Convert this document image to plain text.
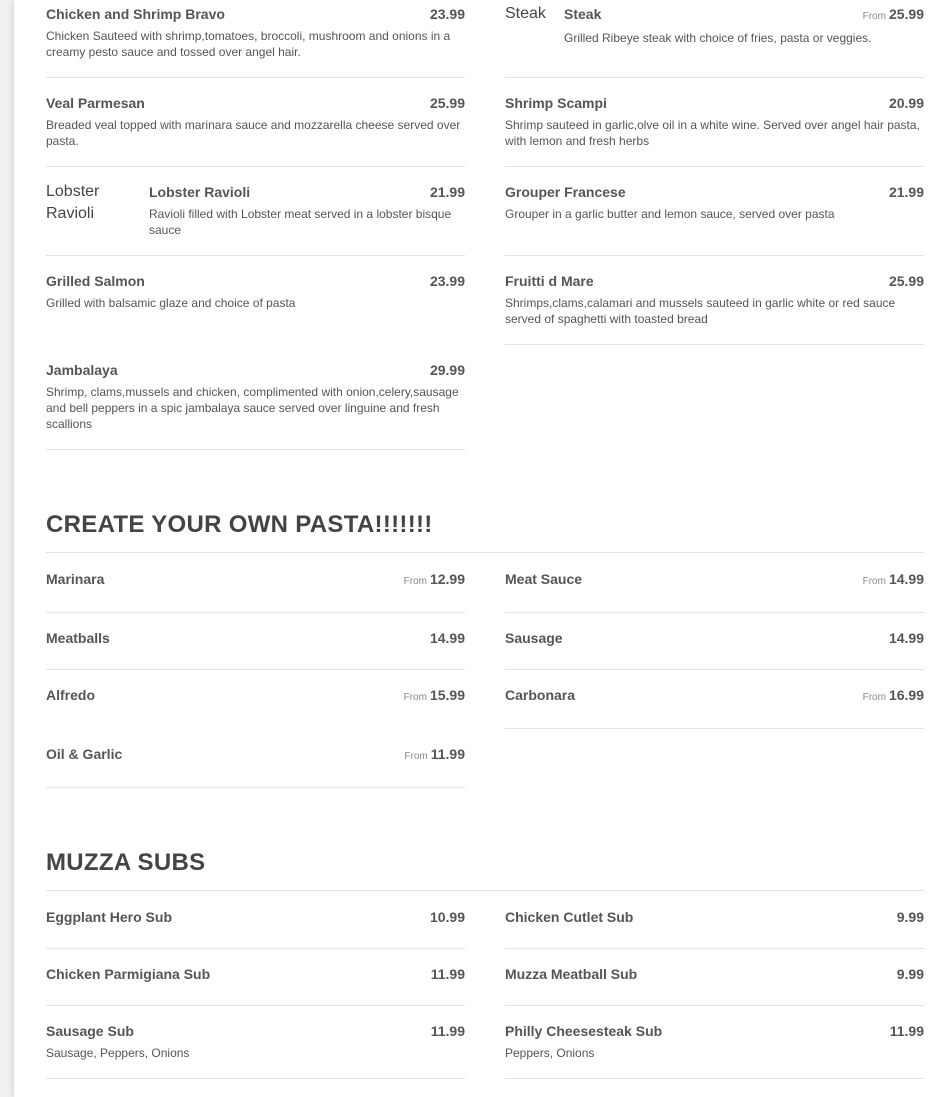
Chicken and Shrimp Bravo	23.99
Chicken Sauteed with shrimp,tomatoes, broccoli, mushroom and onions in a creamy pesto sauce and tossed over angel hair.
Steak Steak	From 25.99
Grilled Ribeye steak with choice of fries, pasta or veggies.
Veal Parmesan	25.99
Breaded veal topped with marinara sauce and mozzarella cheese served over pasta.
Shrimp Scampi	20.99
Shrimp sauteed in garlic,olve oil in a white wine. Served over angel hair pasta, with lemon and fresh herbs
Lobster Ravioli
Lobster Ravioli	21.99
Ravioli filled with Lobster meat served in a lobster bisque sauce
Grouper Francese	21.99
Grouper in a garlic butter and lemon sauce, served over pasta
Grilled Salmon	23.99
Grilled with balsamic glaze and choice of pasta
Fruitti d Mare	25.99
Shrimps,clams,calamari and mussels sauteed in garlic white or red sauce served of spaghetti with toasted bread
Jambalaya	29.99
Shrimp, clams,mussels and chicken, complimented with onion,celery,sausage and bell peppers in a spic jambalaya sauce served over linguine and fresh scallions
CREATE YOUR OWN PASTA!!!!!!!
Marinara	From 12.99	Meat Sauce	From 14.99
Meatballs	14.99	Sausage	14.99
Alfredo	From 15.99	Carbonara	From 16.99
Oil & Garlic	From 11.99
MUZZA SUBS
Eggplant Hero Sub	10.99	Chicken Cutlet Sub	9.99
Chicken Parmigiana Sub	11.99	Muzza Meatball Sub	9.99
Sausage Sub	11.99
Sausage, Peppers, Onions
Philly Cheesesteak Sub	11.99
Peppers, Onions
